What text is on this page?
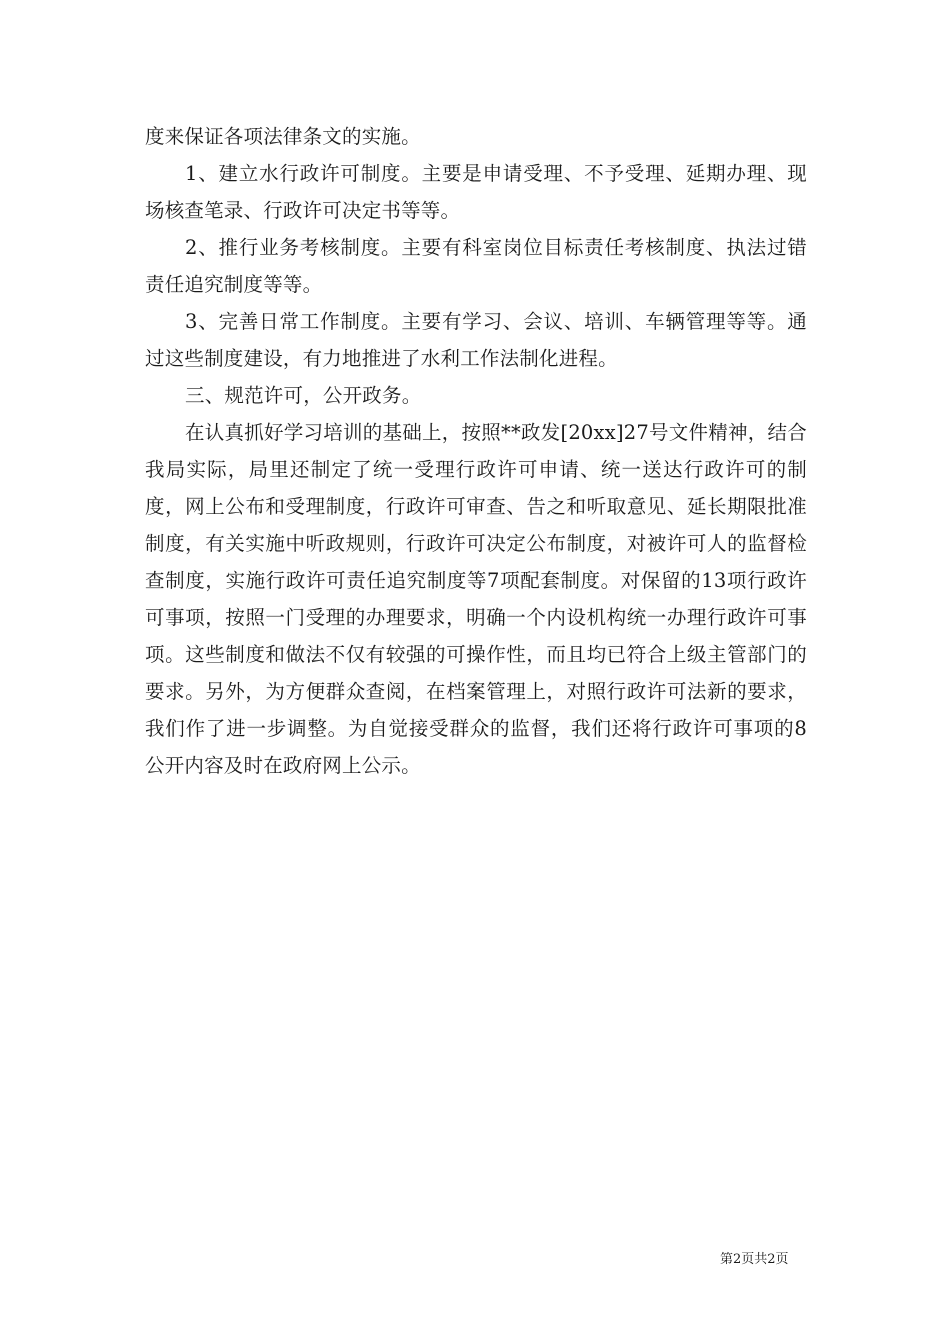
度来保证各项法律条文的实施。

1、建立水行政许可制度。主要是申请受理、不予受理、延期办理、现场核查笔录、行政许可决定书等等。

2、推行业务考核制度。主要有科室岗位目标责任考核制度、执法过错责任追究制度等等。

3、完善日常工作制度。主要有学习、会议、培训、车辆管理等等。通过这些制度建设，有力地推进了水利工作法制化进程。

三、规范许可，公开政务。

在认真抓好学习培训的基础上，按照**政发[20xx]27号文件精神，结合我局实际，局里还制定了统一受理行政许可申请、统一送达行政许可的制度，网上公布和受理制度，行政许可审查、告之和听取意见、延长期限批准制度，有关实施中听政规则，行政许可决定公布制度，对被许可人的监督检查制度，实施行政许可责任追究制度等7项配套制度。对保留的13项行政许可事项，按照一门受理的办理要求，明确一个内设机构统一办理行政许可事项。这些制度和做法不仅有较强的可操作性，而且均已符合上级主管部门的要求。另外，为方便群众查阅，在档案管理上，对照行政许可法新的要求，我们作了进一步调整。为自觉接受群众的监督，我们还将行政许可事项的8公开内容及时在政府网上公示。

第2页共2页
